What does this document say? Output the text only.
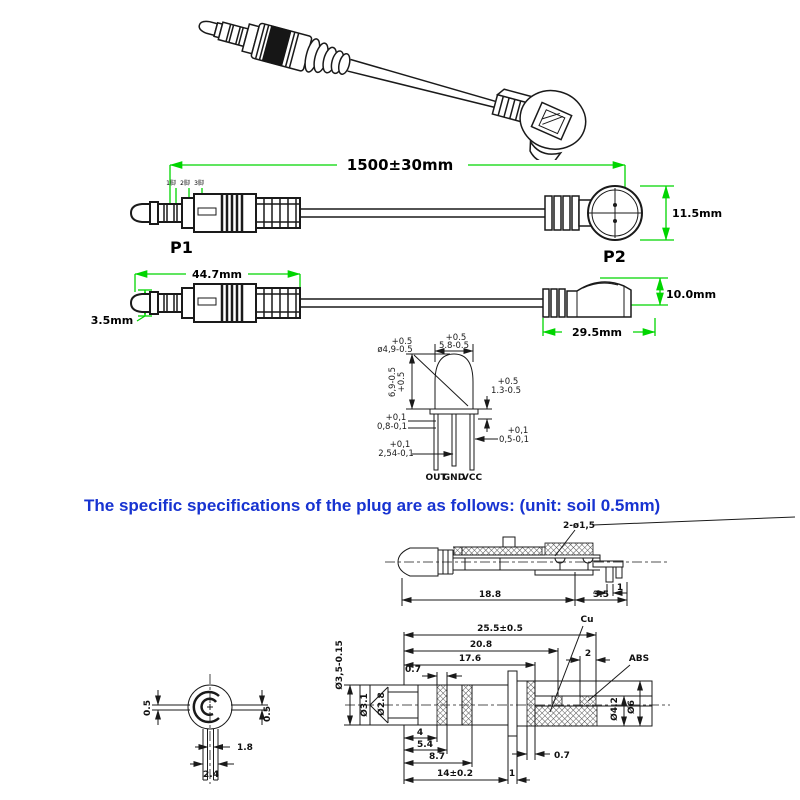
1500±30mm
1脚 2脚 3脚
11.5mm
P1	P2
44.7mm
3.5mm
10.0mm
29.5mm
+0.5
5.8-0.5
+0.5
ø4,9-0.5
+0.5
6,9-0.5	+0.5
1.3-0.5
+0,1
0,8-0,1	+0,1
0,5-0,1
+0,1
2,54-0,1
OUT
GND
VCC
The specific specifications of the plug are as follows: (unit: soil 0.5mm)
2-ø1,5
18.8	3.5
1
0.5	0.5
1.8
2.4
25.5±0.5
20.8
17.6
0.7
2
Cu
ABS
Ø3,5-0.15
Ø3.1 Ø2.8	Ø4.2 Ø6
4
5.4
8.7
14±0.2	1
0.7
